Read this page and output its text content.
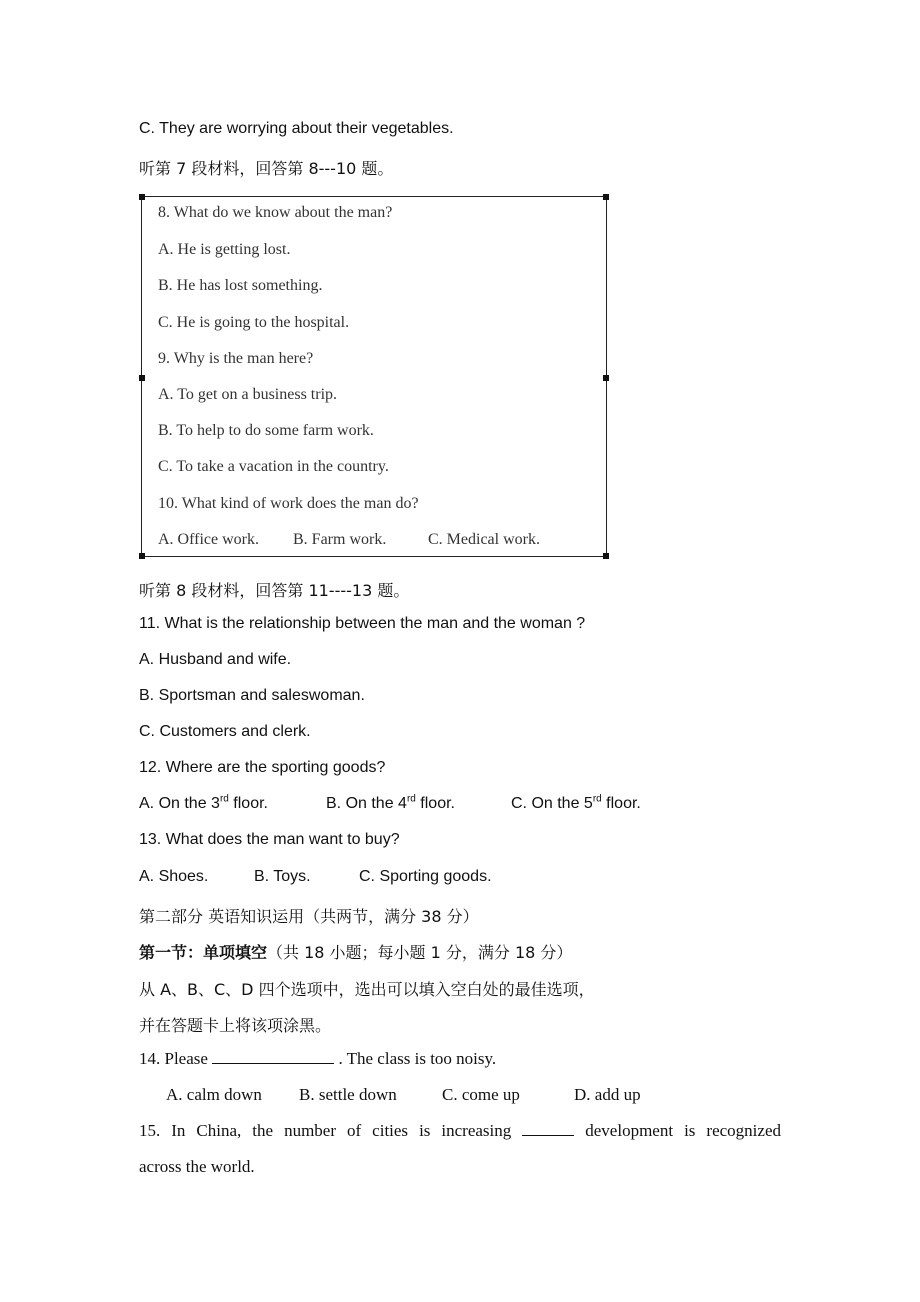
C. They are worrying about their vegetables.
听第 7 段材料，回答第 8---10 题。
8. What do we know about the man?
A. He is getting lost.
B. He has lost something.
C. He is going to the hospital.
9. Why is the man here?
A. To get on a business trip.
B. To help to do some farm work.
C. To take a vacation in the country.
10. What kind of work does the man do?
A. Office work. B. Farm work.	C. Medical work.
听第 8 段材料，回答第 11----13 题。
11. What is the relationship between the man and the woman ?
A. Husband and wife.
B. Sportsman and saleswoman.
C. Customers and clerk.
12. Where are the sporting goods?
A. On the 3rd floor.	B. On the 4rd floor.	C. On the 5rd floor.
13. What does the man want to buy?
A. Shoes.	B. Toys.	C. Sporting goods.
第二部分 英语知识运用（共两节，满分 38 分）
第一节：单项填空（共 18 小题；每小题 1 分，满分 18 分）
从 A、B、C、D 四个选项中，选出可以填入空白处的最佳选项，
并在答题卡上将该项涂黑。
14. Please	. The class is too noisy.
A. calm down B. settle down	C. come up	D. add up
15. In China, the number of cities is increasing	development is recognized
across the world.
